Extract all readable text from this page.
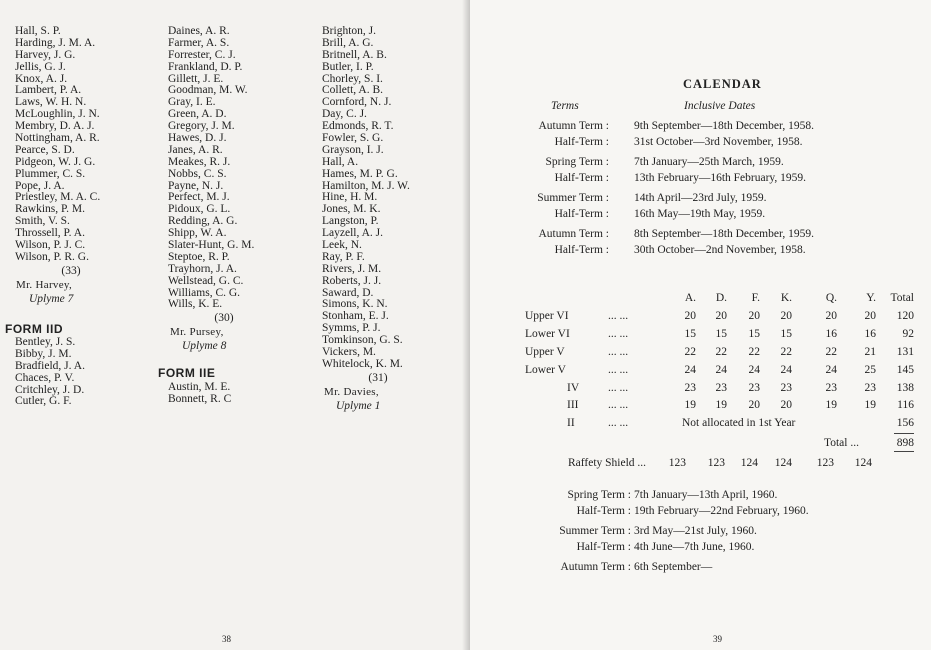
Hall, S. P.
Harding, J. M. A.
Harvey, J. G.
Jellis, G. J.
Knox, A. J.
Lambert, P. A.
Laws, W. H. N.
McLoughlin, J. N.
Membry, D. A. J.
Nottingham, A. R.
Pearce, S. D.
Pidgeon, W. J. G.
Plummer, C. S.
Pope, J. A.
Priestley, M. A. C.
Rawkins, P. M.
Smith, V. S.
Throssell, P. A.
Wilson, P. J. C.
Wilson, P. R. G.
(33)
Mr. Harvey,
Uplyme 7
FORM IID
Bentley, J. S.
Bibby, J. M.
Bradfield, J. A.
Chaces, P. V.
Critchley, J. D.
Cutler, G. F.
Daines, A. R.
Farmer, A. S.
Forrester, C. J.
Frankland, D. P.
Gillett, J. E.
Goodman, M. W.
Gray, I. E.
Green, A. D.
Gregory, J. M.
Hawes, D. J.
Janes, A. R.
Meakes, R. J.
Nobbs, C. S.
Payne, N. J.
Perfect, M. J.
Pidoux, G. L.
Redding, A. G.
Shipp, W. A.
Slater-Hunt, G. M.
Steptoe, R. P.
Trayhorn, J. A.
Wellstead, G. C.
Williams, C. G.
Wills, K. E.
(30)
Mr. Pursey,
Uplyme 8
FORM IIE
Austin, M. E.
Bonnett, R. C
Brighton, J.
Brill, A. G.
Britnell, A. B.
Butler, I. P.
Chorley, S. I.
Collett, A. B.
Cornford, N. J.
Day, C. J.
Edmonds, R. T.
Fowler, S. G.
Grayson, I. J.
Hall, A.
Hames, M. P. G.
Hamilton, M. J. W.
Hine, H. M.
Jones, M. K.
Langston, P.
Layzell, A. J.
Leek, N.
Ray, P. F.
Rivers, J. M.
Roberts, J. J.
Saward, D.
Simons, K. N.
Stonham, E. J.
Symms, P. J.
Tomkinson, G. S.
Vickers, M.
Whitelock, K. M.
(31)
Mr. Davies,
Uplyme 1
38
CALENDAR
Terms	Inclusive Dates
Autumn Term : 9th September—18th December, 1958.
Half-Term : 31st October—3rd November, 1958.
Spring Term : 7th January—25th March, 1959.
Half-Term : 13th February—16th February, 1959.
Summer Term : 14th April—23rd July, 1959.
Half-Term : 16th May—19th May, 1959.
Autumn Term : 8th September—18th December, 1959.
Half-Term : 30th October—2nd November, 1958.
A.	D.	F.	K.	Q.	Y.	Total
Upper VI	... ...	20	20	20	20	20	20	120
Lower VI	... ...	15	15	15	15	16	16	92
Upper V	... ...	22	22	22	22	22	21	131
Lower V	... ...	24	24	24	24	24	25	145
IV	... ...	23	23	23	23	23	23	138
III	... ...	19	19	20	20	19	19	116
II	... ...	Not allocated in 1st Year	156
Total ...	898
Raffety Shield ...	123	123	124	124	123	124
Spring Term : 7th January—13th April, 1960.
Half-Term : 19th February—22nd February, 1960.
Summer Term : 3rd May—21st July, 1960.
Half-Term : 4th June—7th June, 1960.
Autumn Term : 6th September—
39
